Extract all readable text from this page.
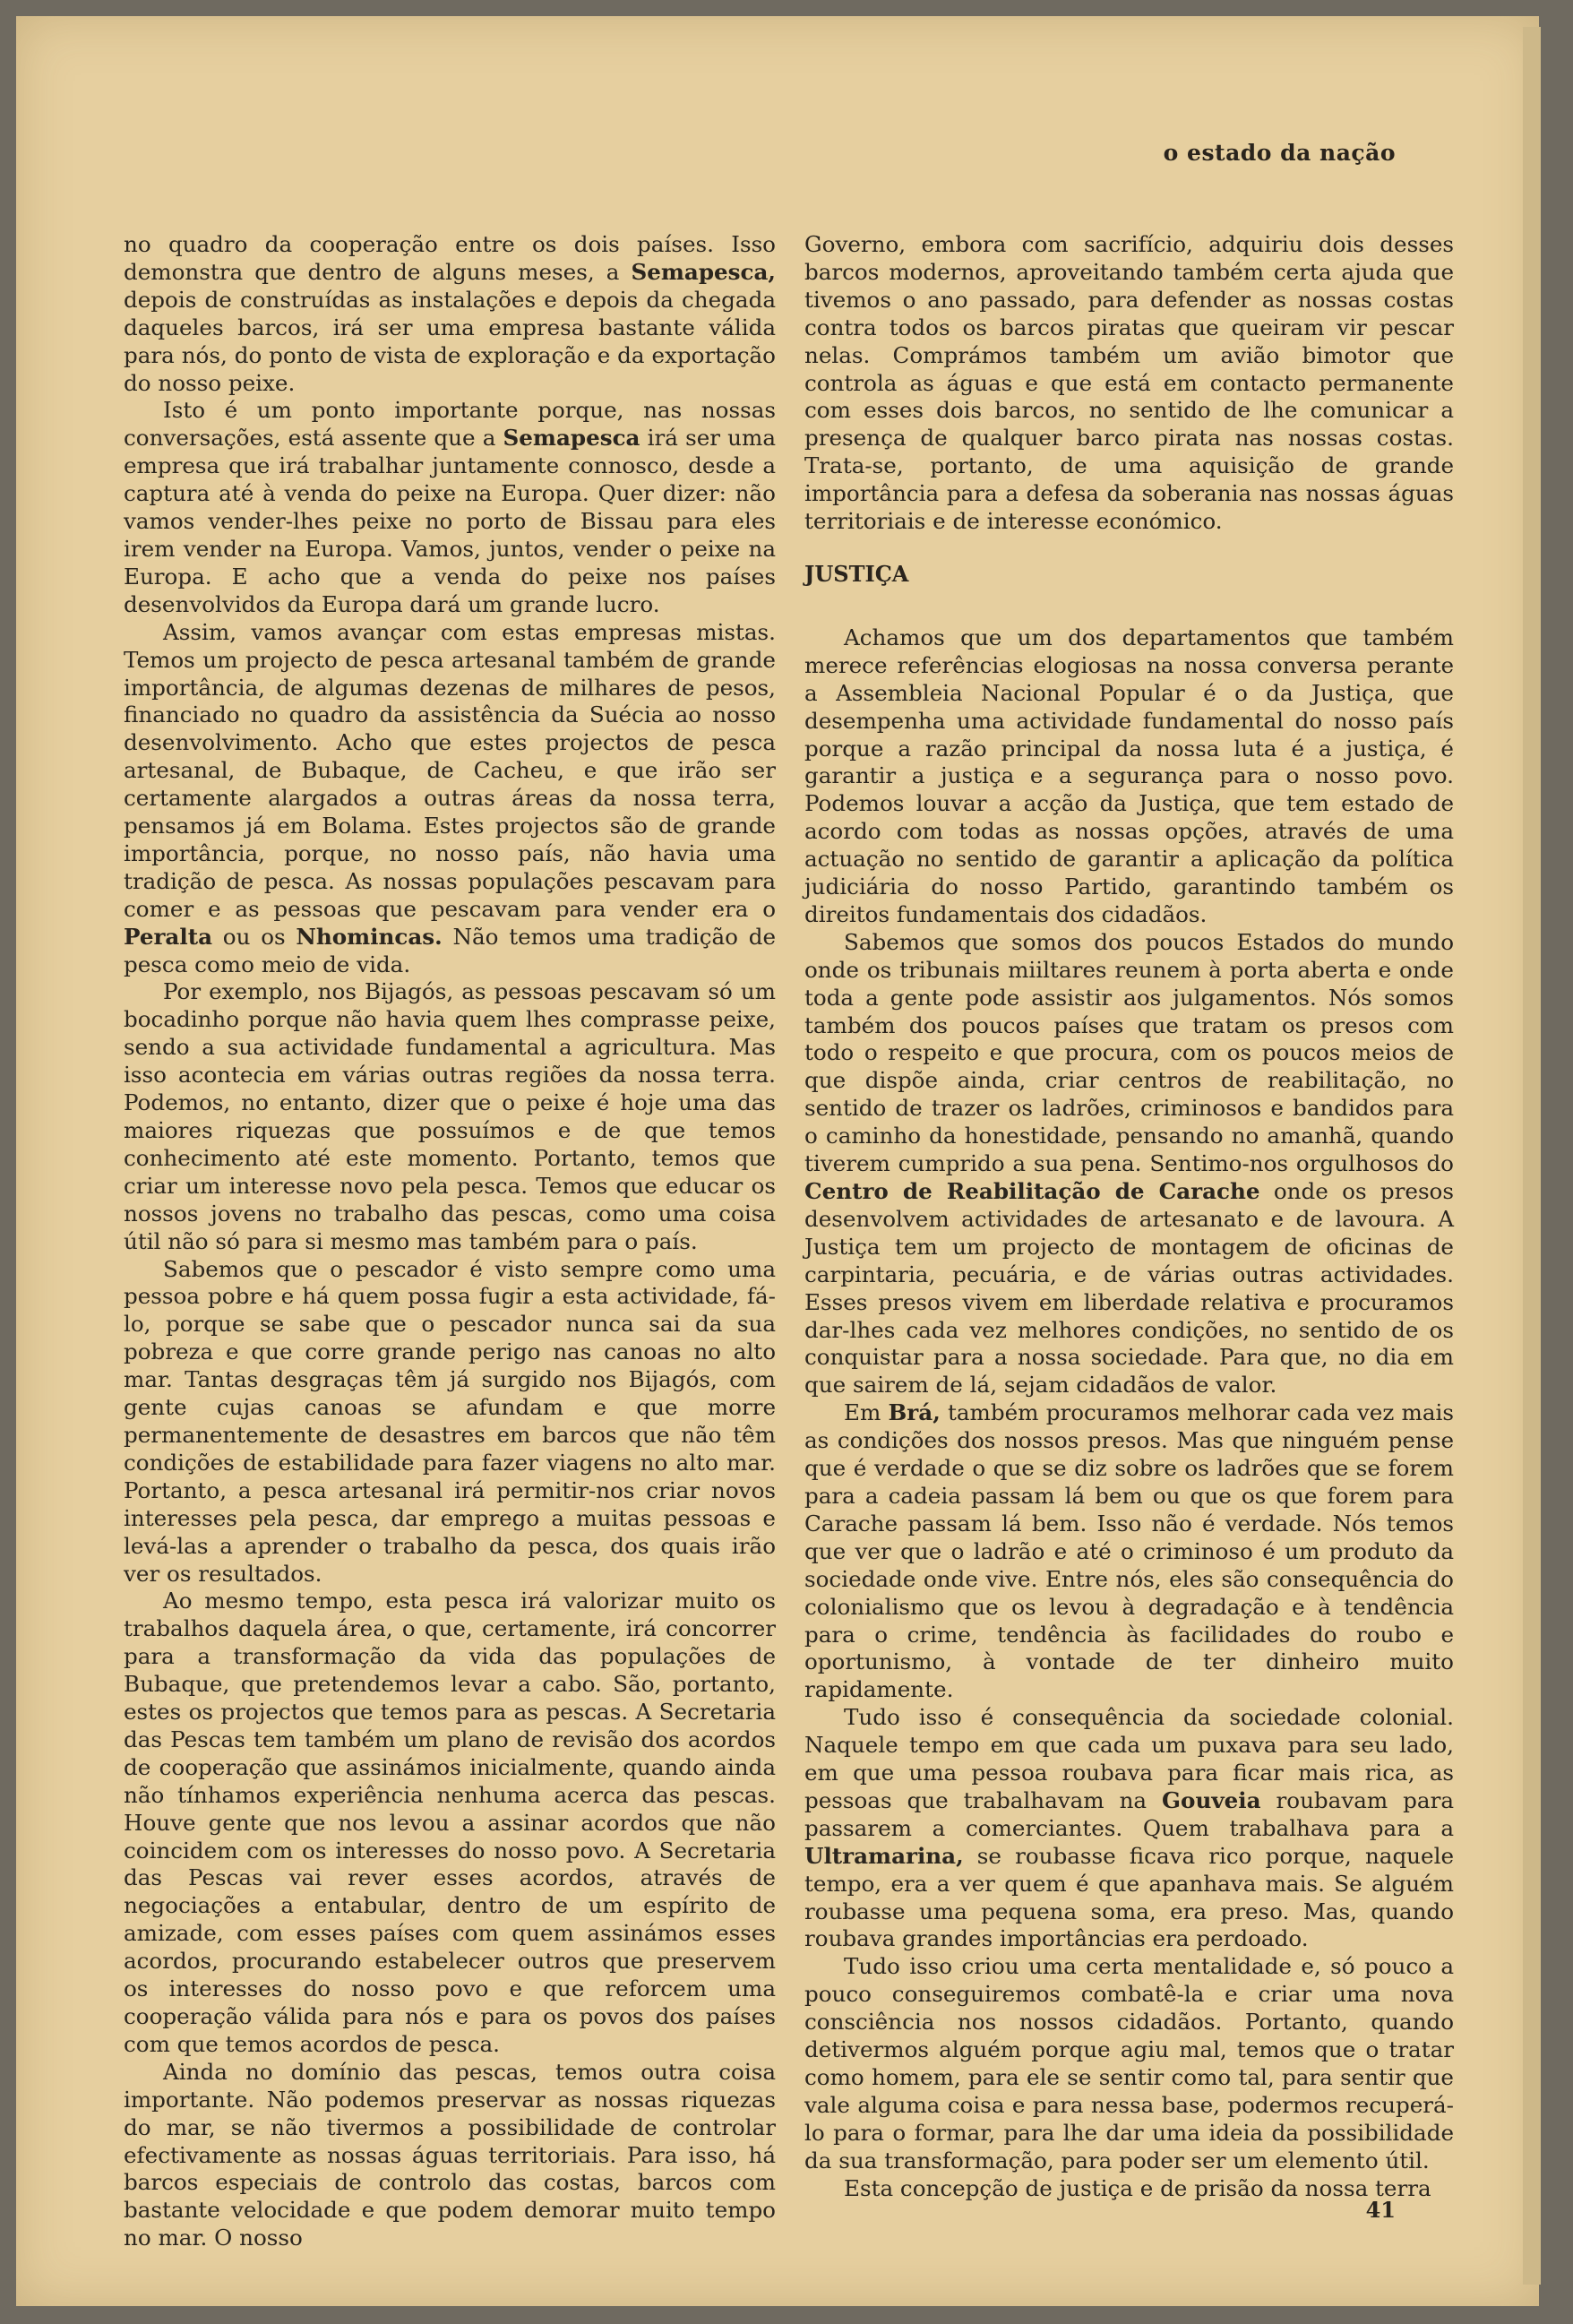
o estado da nação

no quadro da cooperação entre os dois países. Isso demonstra que dentro de alguns meses, a Semapesca, depois de construídas as instalações e depois da chegada daqueles barcos, irá ser uma empresa bastante válida para nós, do ponto de vista de exploração e da exportação do nosso peixe.

Isto é um ponto importante porque, nas nossas conversações, está assente que a Semapesca irá ser uma empresa que irá trabalhar juntamente connosco, desde a captura até à venda do peixe na Europa. Quer dizer: não vamos vender-lhes peixe no porto de Bissau para eles irem vender na Europa. Vamos, juntos, vender o peixe na Europa. E acho que a venda do peixe nos países desenvolvidos da Europa dará um grande lucro.

Assim, vamos avançar com estas empresas mistas. Temos um projecto de pesca artesanal também de grande importância, de algumas dezenas de milhares de pesos, financiado no quadro da assistência da Suécia ao nosso desenvolvimento. Acho que estes projectos de pesca artesanal, de Bubaque, de Cacheu, e que irão ser certamente alargados a outras áreas da nossa terra, pensamos já em Bolama. Estes projectos são de grande importância, porque, no nosso país, não havia uma tradição de pesca. As nossas populações pescavam para comer e as pessoas que pescavam para vender era o Peralta ou os Nhomincas. Não temos uma tradição de pesca como meio de vida.

Por exemplo, nos Bijagós, as pessoas pescavam só um bocadinho porque não havia quem lhes comprasse peixe, sendo a sua actividade fundamental a agricultura. Mas isso acontecia em várias outras regiões da nossa terra. Podemos, no entanto, dizer que o peixe é hoje uma das maiores riquezas que possuímos e de que temos conhecimento até este momento. Portanto, temos que criar um interesse novo pela pesca. Temos que educar os nossos jovens no trabalho das pescas, como uma coisa útil não só para si mesmo mas também para o país.

Sabemos que o pescador é visto sempre como uma pessoa pobre e há quem possa fugir a esta actividade, fá-lo, porque se sabe que o pescador nunca sai da sua pobreza e que corre grande perigo nas canoas no alto mar. Tantas desgraças têm já surgido nos Bijagós, com gente cujas canoas se afundam e que morre permanentemente de desastres em barcos que não têm condições de estabilidade para fazer viagens no alto mar. Portanto, a pesca artesanal irá permitir-nos criar novos interesses pela pesca, dar emprego a muitas pessoas e levá-las a aprender o trabalho da pesca, dos quais irão ver os resultados.

Ao mesmo tempo, esta pesca irá valorizar muito os trabalhos daquela área, o que, certamente, irá concorrer para a transformação da vida das populações de Bubaque, que pretendemos levar a cabo. São, portanto, estes os projectos que temos para as pescas. A Secretaria das Pescas tem também um plano de revisão dos acordos de cooperação que assinámos inicialmente, quando ainda não tínhamos experiência nenhuma acerca das pescas. Houve gente que nos levou a assinar acordos que não coincidem com os interesses do nosso povo. A Secretaria das Pescas vai rever esses acordos, através de negociações a entabular, dentro de um espírito de amizade, com esses países com quem assinámos esses acordos, procurando estabelecer outros que preservem os interesses do nosso povo e que reforcem uma cooperação válida para nós e para os povos dos países com que temos acordos de pesca.

Ainda no domínio das pescas, temos outra coisa importante. Não podemos preservar as nossas riquezas do mar, se não tivermos a possibilidade de controlar efectivamente as nossas águas territoriais. Para isso, há barcos especiais de controlo das costas, barcos com bastante velocidade e que podem demorar muito tempo no mar. O nosso

Governo, embora com sacrifício, adquiriu dois desses barcos modernos, aproveitando também certa ajuda que tivemos o ano passado, para defender as nossas costas contra todos os barcos piratas que queiram vir pescar nelas. Comprámos também um avião bimotor que controla as águas e que está em contacto permanente com esses dois barcos, no sentido de lhe comunicar a presença de qualquer barco pirata nas nossas costas. Trata-se, portanto, de uma aquisição de grande importância para a defesa da soberania nas nossas águas territoriais e de interesse económico.

JUSTIÇA

Achamos que um dos departamentos que também merece referências elogiosas na nossa conversa perante a Assembleia Nacional Popular é o da Justiça, que desempenha uma actividade fundamental do nosso país porque a razão principal da nossa luta é a justiça, é garantir a justiça e a segurança para o nosso povo. Podemos louvar a acção da Justiça, que tem estado de acordo com todas as nossas opções, através de uma actuação no sentido de garantir a aplicação da política judiciária do nosso Partido, garantindo também os direitos fundamentais dos cidadãos.

Sabemos que somos dos poucos Estados do mundo onde os tribunais miiltares reunem à porta aberta e onde toda a gente pode assistir aos julgamentos. Nós somos também dos poucos países que tratam os presos com todo o respeito e que procura, com os poucos meios de que dispõe ainda, criar centros de reabilitação, no sentido de trazer os ladrões, criminosos e bandidos para o caminho da honestidade, pensando no amanhã, quando tiverem cumprido a sua pena. Sentimo-nos orgulhosos do Centro de Reabilitação de Carache onde os presos desenvolvem actividades de artesanato e de lavoura. A Justiça tem um projecto de montagem de oficinas de carpintaria, pecuária, e de várias outras actividades. Esses presos vivem em liberdade relativa e procuramos dar-lhes cada vez melhores condições, no sentido de os conquistar para a nossa sociedade. Para que, no dia em que sairem de lá, sejam cidadãos de valor.

Em Brá, também procuramos melhorar cada vez mais as condições dos nossos presos. Mas que ninguém pense que é verdade o que se diz sobre os ladrões que se forem para a cadeia passam lá bem ou que os que forem para Carache passam lá bem. Isso não é verdade. Nós temos que ver que o ladrão e até o criminoso é um produto da sociedade onde vive. Entre nós, eles são consequência do colonialismo que os levou à degradação e à tendência para o crime, tendência às facilidades do roubo e oportunismo, à vontade de ter dinheiro muito rapidamente.

Tudo isso é consequência da sociedade colonial. Naquele tempo em que cada um puxava para seu lado, em que uma pessoa roubava para ficar mais rica, as pessoas que trabalhavam na Gouveia roubavam para passarem a comerciantes. Quem trabalhava para a Ultramarina, se roubasse ficava rico porque, naquele tempo, era a ver quem é que apanhava mais. Se alguém roubasse uma pequena soma, era preso. Mas, quando roubava grandes importâncias era perdoado.

Tudo isso criou uma certa mentalidade e, só pouco a pouco conseguiremos combatê-la e criar uma nova consciência nos nossos cidadãos. Portanto, quando detivermos alguém porque agiu mal, temos que o tratar como homem, para ele se sentir como tal, para sentir que vale alguma coisa e para nessa base, podermos recuperá-lo para o formar, para lhe dar uma ideia da possibilidade da sua transformação, para poder ser um elemento útil.

Esta concepção de justiça e de prisão da nossa terra

41
